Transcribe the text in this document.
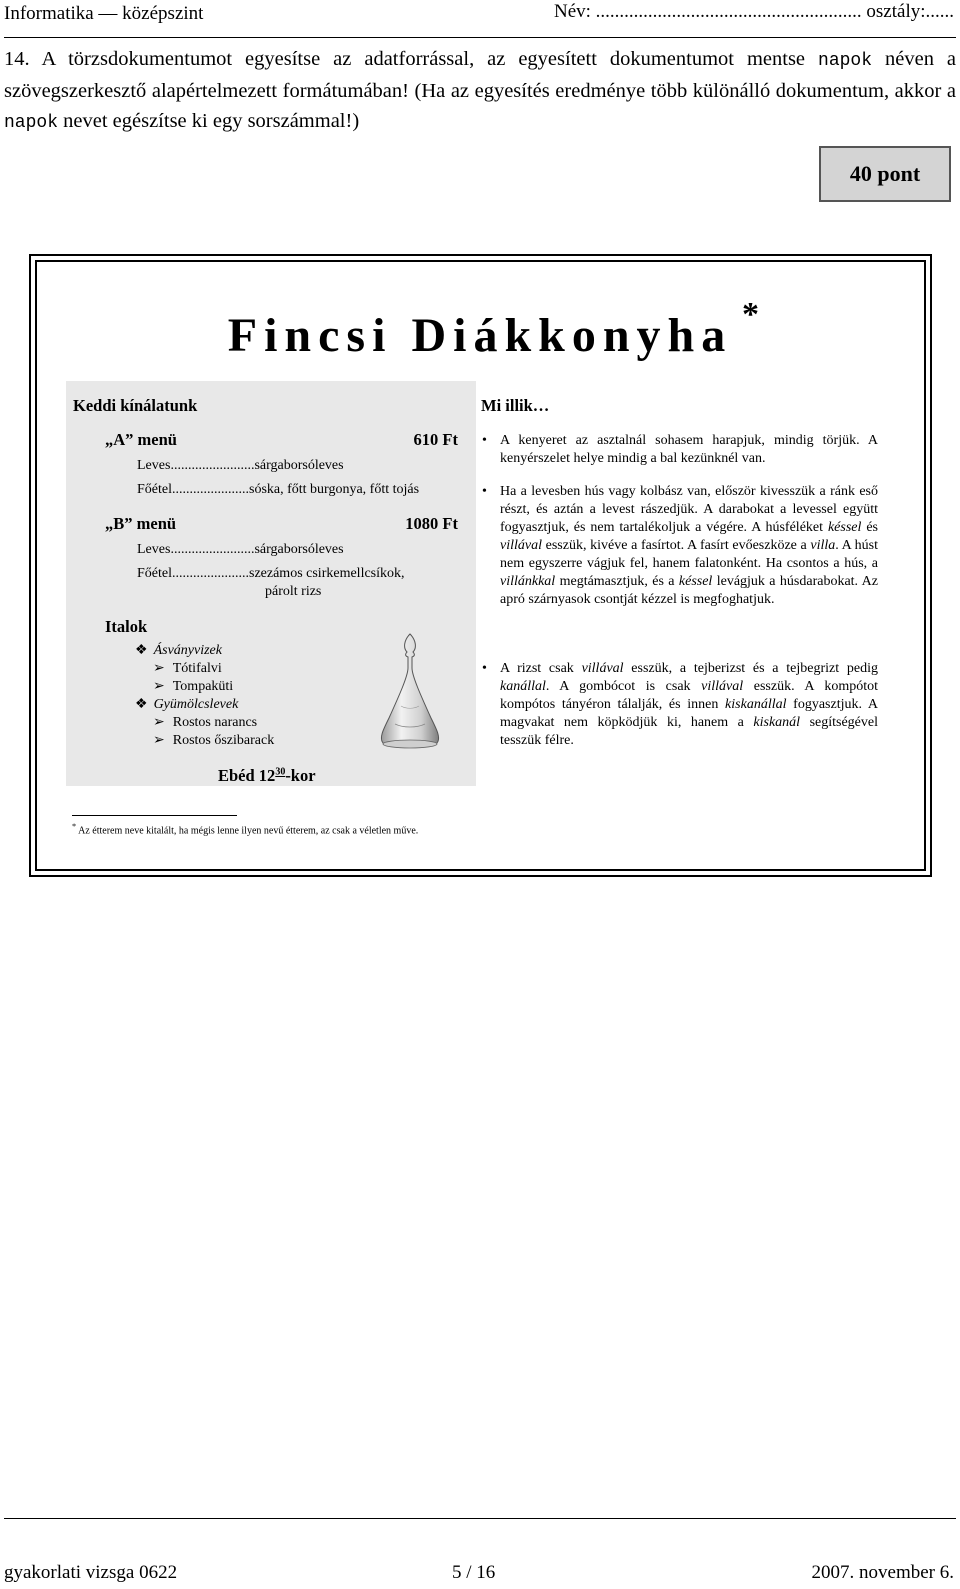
Informatika — középszint	Név: ........................................................ osztály:......
14. A törzsdokumentumot egyesítse az adatforrással, az egyesített dokumentumot mentse napok néven a szövegszerkesztő alapértelmezett formátumában! (Ha az egyesítés eredménye több különálló dokumentum, akkor a napok nevet egészítse ki egy sorszámmal!)
40 pont
Fincsi Diákkonyha *
Keddi kínálatunk
„A” menü	610 Ft
Leves........................sárgaborsóleves
Főétel......................sóska, főtt burgonya, főtt tojás
„B” menü	1080 Ft
Leves........................sárgaborsóleves
Főétel......................szezámos csirkemellcsíkok,
párolt rizs
Italok
❖ Ásványvizek
➢ Tótifalvi
➢ Tompaküti
❖ Gyümölcslevek
➢ Rostos narancs
➢ Rostos őszibarack
Ebéd $12^{30}$-kor
Mi illik…
• A kenyeret az asztalnál sohasem harapjuk, mindig törjük. A kenyérszelet helye mindig a bal kezünknél van.
• Ha a levesben hús vagy kolbász van, először kivesszük a ránk eső részt, és aztán a levest rászedjük. A darabokat a levessel együtt fogyasztjuk, és nem tartalékoljuk a végére. A húsféléket késsel és villával esszük, kivéve a fasírtot. A fasírt evőeszköze a villa. A húst nem egyszerre vágjuk fel, hanem falatonként. Ha csontos a hús, a villánkkal megtámasztjuk, és a késsel levágjuk a húsdarabokat. Az apró szárnyasok csontját kézzel is megfoghatjuk.
• A rizst csak villával esszük, a tejberizst és a tejbegrizt pedig kanállal. A gombócot is csak villával esszük. A kompótot kompótos tányéron tálalják, és innen kiskanállal fogyasztjuk. A magvakat nem köpködjük ki, hanem a kiskanál segítségével tesszük félre.
* Az étterem neve kitalált, ha mégis lenne ilyen nevű étterem, az csak a véletlen műve.
gyakorlati vizsga 0622	5 / 16	2007. november 6.
